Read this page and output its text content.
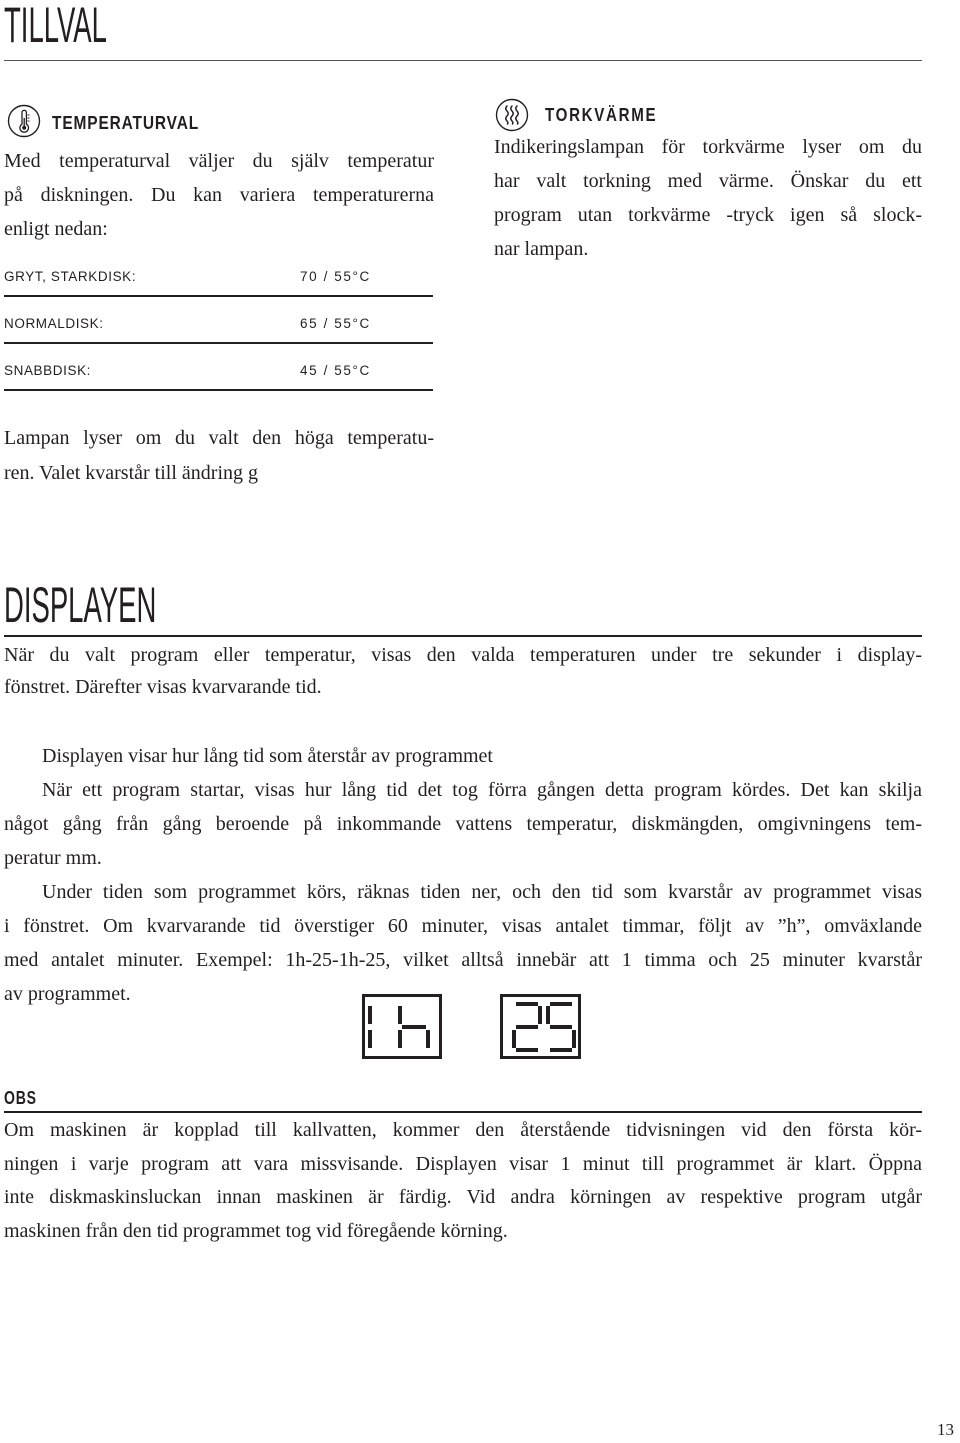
TILLVAL
TEMPERATURVAL
Med temperaturval väljer du själv temperatur
på diskningen. Du kan variera temperaturerna
enligt nedan:
GRYT, STARKDISK:	70 / 55°C
NORMALDISK:	65 / 55°C
SNABBDISK:	45 / 55°C
Lampan lyser om du valt den höga temperatu-
ren. Valet kvarstår till ändring g
TORKVÄRME
Indikeringslampan för torkvärme lyser om du
har valt torkning med värme. Önskar du ett
program utan torkvärme -tryck igen så slock-
nar lampan.
DISPLAYEN
När du valt program eller temperatur, visas den valda temperaturen under tre sekunder i display-
fönstret. Därefter visas kvarvarande tid.
Displayen visar hur lång tid som återstår av programmet
När ett program startar, visas hur lång tid det tog förra gången detta program kördes. Det kan skilja
något gång från gång beroende på inkommande vattens temperatur, diskmängden, omgivningens tem-
peratur mm.
Under tiden som programmet körs, räknas tiden ner, och den tid som kvarstår av programmet visas
i fönstret. Om kvarvarande tid överstiger 60 minuter, visas antalet timmar, följt av ”h”, omväxlande
med antalet minuter. Exempel: 1h-25-1h-25, vilket alltså innebär att 1 timma och 25 minuter kvarstår
av programmet.
OBS
Om maskinen är kopplad till kallvatten, kommer den återstående tidvisningen vid den första kör-
ningen i varje program att vara missvisande. Displayen visar 1 minut till programmet är klart. Öppna
inte diskmaskinsluckan innan maskinen är färdig. Vid andra körningen av respektive program utgår
maskinen från den tid programmet tog vid föregående körning.
13
